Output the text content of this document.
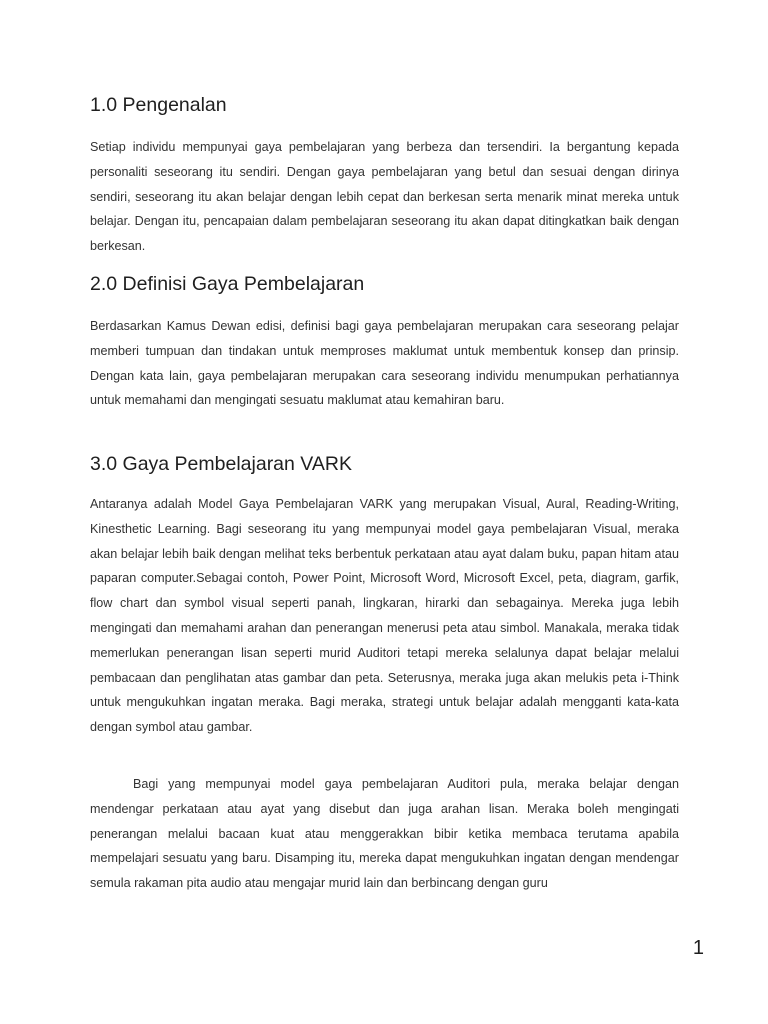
1.0 Pengenalan

Setiap individu mempunyai gaya pembelajaran yang berbeza dan tersendiri. Ia bergantung kepada personaliti seseorang itu sendiri. Dengan gaya pembelajaran yang betul dan sesuai dengan dirinya sendiri, seseorang itu akan belajar dengan lebih cepat dan berkesan serta menarik minat mereka untuk belajar. Dengan itu, pencapaian dalam pembelajaran seseorang itu akan dapat ditingkatkan baik dengan berkesan.

2.0 Definisi Gaya Pembelajaran

Berdasarkan Kamus Dewan edisi, definisi bagi gaya pembelajaran merupakan cara seseorang pelajar memberi tumpuan dan tindakan untuk memproses maklumat untuk membentuk konsep dan prinsip. Dengan kata lain, gaya pembelajaran merupakan cara seseorang individu menumpukan perhatiannya untuk memahami dan mengingati sesuatu maklumat atau kemahiran baru.

3.0 Gaya Pembelajaran VARK

Antaranya adalah Model Gaya Pembelajaran VARK yang merupakan Visual, Aural, Reading-Writing, Kinesthetic Learning. Bagi seseorang itu yang mempunyai model gaya pembelajaran Visual, meraka akan belajar lebih baik dengan melihat teks berbentuk perkataan atau ayat dalam buku, papan hitam atau paparan computer.Sebagai contoh, Power Point, Microsoft Word, Microsoft Excel, peta, diagram, garfik, flow chart dan symbol visual seperti panah, lingkaran, hirarki dan sebagainya. Mereka juga lebih mengingati dan memahami arahan dan penerangan menerusi peta atau simbol. Manakala, meraka tidak memerlukan penerangan lisan seperti murid Auditori tetapi mereka selalunya dapat belajar melalui pembacaan dan penglihatan atas gambar dan peta. Seterusnya, meraka juga akan melukis peta i-Think untuk mengukuhkan ingatan meraka. Bagi meraka, strategi untuk belajar adalah mengganti kata-kata dengan symbol atau gambar.

Bagi yang mempunyai model gaya pembelajaran Auditori pula, meraka belajar dengan mendengar perkataan atau ayat yang disebut dan juga arahan lisan. Meraka boleh mengingati penerangan melalui bacaan kuat atau menggerakkan bibir ketika membaca terutama apabila mempelajari sesuatu yang baru. Disamping itu, mereka dapat mengukuhkan ingatan dengan mendengar semula rakaman pita audio atau mengajar murid lain dan berbincang dengan guru

1
